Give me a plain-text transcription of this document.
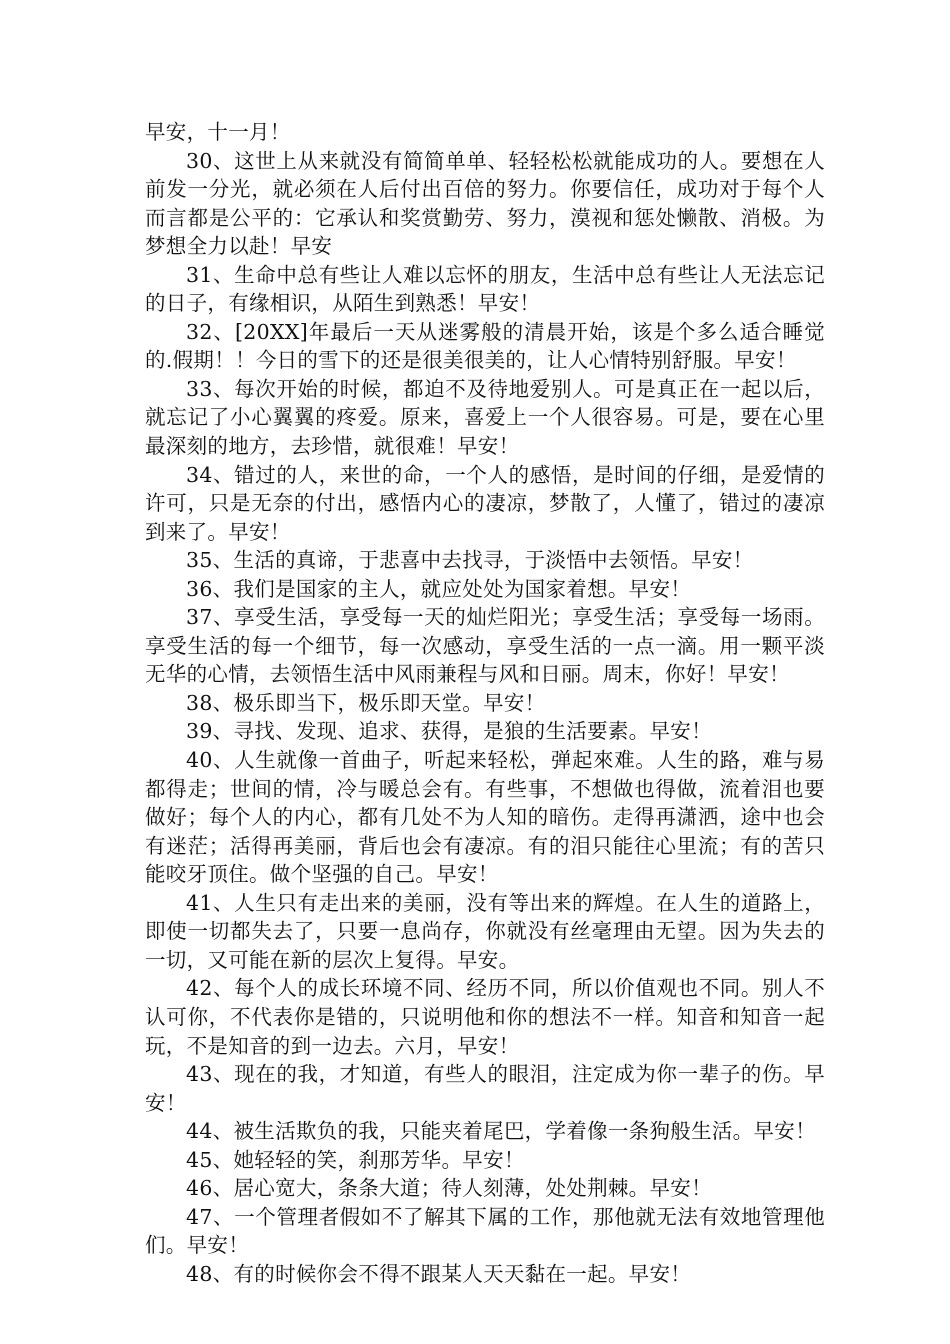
早安，十一月！

30、这世上从来就没有简简单单、轻轻松松就能成功的人。要想在人前发一分光，就必须在人后付出百倍的努力。你要信任，成功对于每个人而言都是公平的：它承认和奖赏勤劳、努力，漠视和惩处懒散、消极。为梦想全力以赴！早安

31、生命中总有些让人难以忘怀的朋友，生活中总有些让人无法忘记的日子，有缘相识，从陌生到熟悉！早安！

32、[20XX]年最后一天从迷雾般的清晨开始，该是个多么适合睡觉的.假期！！今日的雪下的还是很美很美的，让人心情特别舒服。早安！

33、每次开始的时候，都迫不及待地爱别人。可是真正在一起以后，就忘记了小心翼翼的疼爱。原来，喜爱上一个人很容易。可是，要在心里最深刻的地方，去珍惜，就很难！早安！

34、错过的人，来世的命，一个人的感悟，是时间的仔细，是爱情的许可，只是无奈的付出，感悟内心的凄凉，梦散了，人懂了，错过的凄凉到来了。早安！

35、生活的真谛，于悲喜中去找寻，于淡悟中去领悟。早安！

36、我们是国家的主人，就应处处为国家着想。早安！

37、享受生活，享受每一天的灿烂阳光；享受生活；享受每一场雨。享受生活的每一个细节，每一次感动，享受生活的一点一滴。用一颗平淡无华的心情，去领悟生活中风雨兼程与风和日丽。周末，你好！早安！

38、极乐即当下，极乐即天堂。早安！

39、寻找、发现、追求、获得，是狼的生活要素。早安！

40、人生就像一首曲子，听起来轻松，弹起來难。人生的路，难与易都得走；世间的情，冷与暖总会有。有些事，不想做也得做，流着泪也要做好；每个人的内心，都有几处不为人知的暗伤。走得再潇洒，途中也会有迷茫；活得再美丽，背后也会有凄凉。有的泪只能往心里流；有的苦只能咬牙顶住。做个坚强的自己。早安！

41、人生只有走出来的美丽，没有等出来的辉煌。在人生的道路上，即使一切都失去了，只要一息尚存，你就没有丝毫理由无望。因为失去的一切，又可能在新的层次上复得。早安。

42、每个人的成长环境不同、经历不同，所以价值观也不同。别人不认可你，不代表你是错的，只说明他和你的想法不一样。知音和知音一起玩，不是知音的到一边去。六月，早安！

43、现在的我，才知道，有些人的眼泪，注定成为你一辈子的伤。早安！

44、被生活欺负的我，只能夹着尾巴，学着像一条狗般生活。早安！

45、她轻轻的笑，刹那芳华。早安！

46、居心宽大，条条大道；待人刻薄，处处荆棘。早安！

47、一个管理者假如不了解其下属的工作，那他就无法有效地管理他们。早安！

48、有的时候你会不得不跟某人天天黏在一起。早安！
